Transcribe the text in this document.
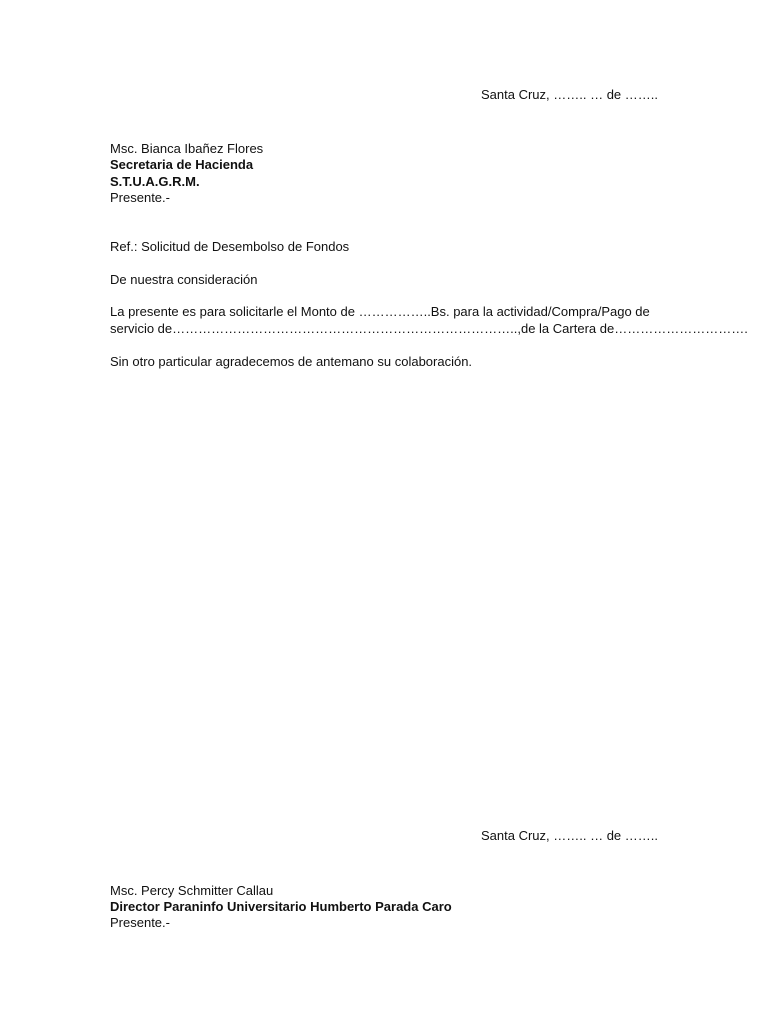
Santa Cruz, …….. … de ……..
Msc. Bianca Ibañez Flores
Secretaria de Hacienda
S.T.U.A.G.R.M.
Presente.-
Ref.: Solicitud de Desembolso de Fondos
De nuestra consideración
La presente es para solicitarle el Monto de ……………..Bs. para la actividad/Compra/Pago de
servicio de……………………………………………………………………..,de la Cartera de………………………….
Sin otro particular agradecemos de antemano su colaboración.
Santa Cruz, …….. … de ……..
Msc. Percy Schmitter Callau
Director Paraninfo Universitario Humberto Parada Caro
Presente.-
